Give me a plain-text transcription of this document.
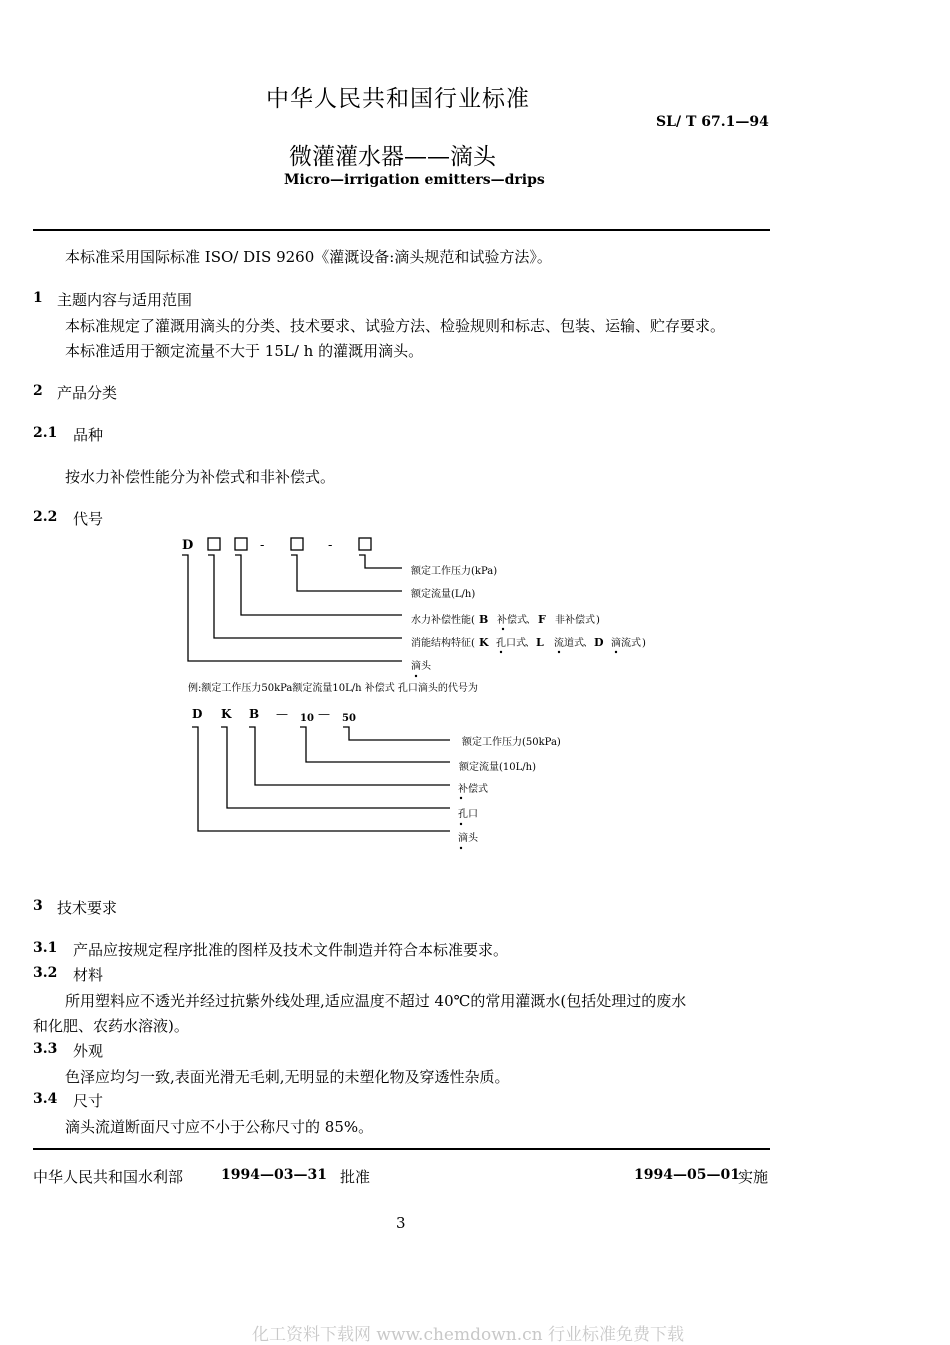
中华人民共和国行业标准
SL/ T 67.1—94
微灌灌水器——滴头
Micro—irrigation emitters—drips
本标准采用国际标准 ISO/ DIS 9260《灌溉设备:滴头规范和试验方法》。
1 主题内容与适用范围
本标准规定了灌溉用滴头的分类、技术要求、试验方法、检验规则和标志、包装、运输、贮存要求。
本标准适用于额定流量不大于 15L/ h 的灌溉用滴头。
2 产品分类
2.1 品种
按水力补偿性能分为补偿式和非补偿式。
2.2 代号
D	-	-
额定工作压力(kPa)
额定流量(L/h)
水力补偿性能( B 补偿式 、 F 非补偿式 )
消能结构特征( K 孔口式 、 L 流道式 、 D 滴流式 )
滴头
例:额定工作压力50kPa额定流量10L/h 补偿式 孔口滴头的代号为
D K B — 10 — 50
额定工作压力(50kPa)
额定流量(10L/h)
补偿式
孔口
滴头
3 技术要求
3.1 产品应按规定程序批准的图样及技术文件制造并符合本标准要求。
3.2 材料
所用塑料应不透光并经过抗紫外线处理,适应温度不超过 40℃的常用灌溉水(包括处理过的废水
和化肥、农药水溶液)。
3.3 外观
色泽应均匀一致,表面光滑无毛刺,无明显的未塑化物及穿透性杂质。
3.4 尺寸
滴头流道断面尺寸应不小于公称尺寸的 85%。
中华人民共和国水利部	1994—03—31 批准	1994—05—01
实施
3
化工资料下载网 www.chemdown.cn 行业标准免费下载
